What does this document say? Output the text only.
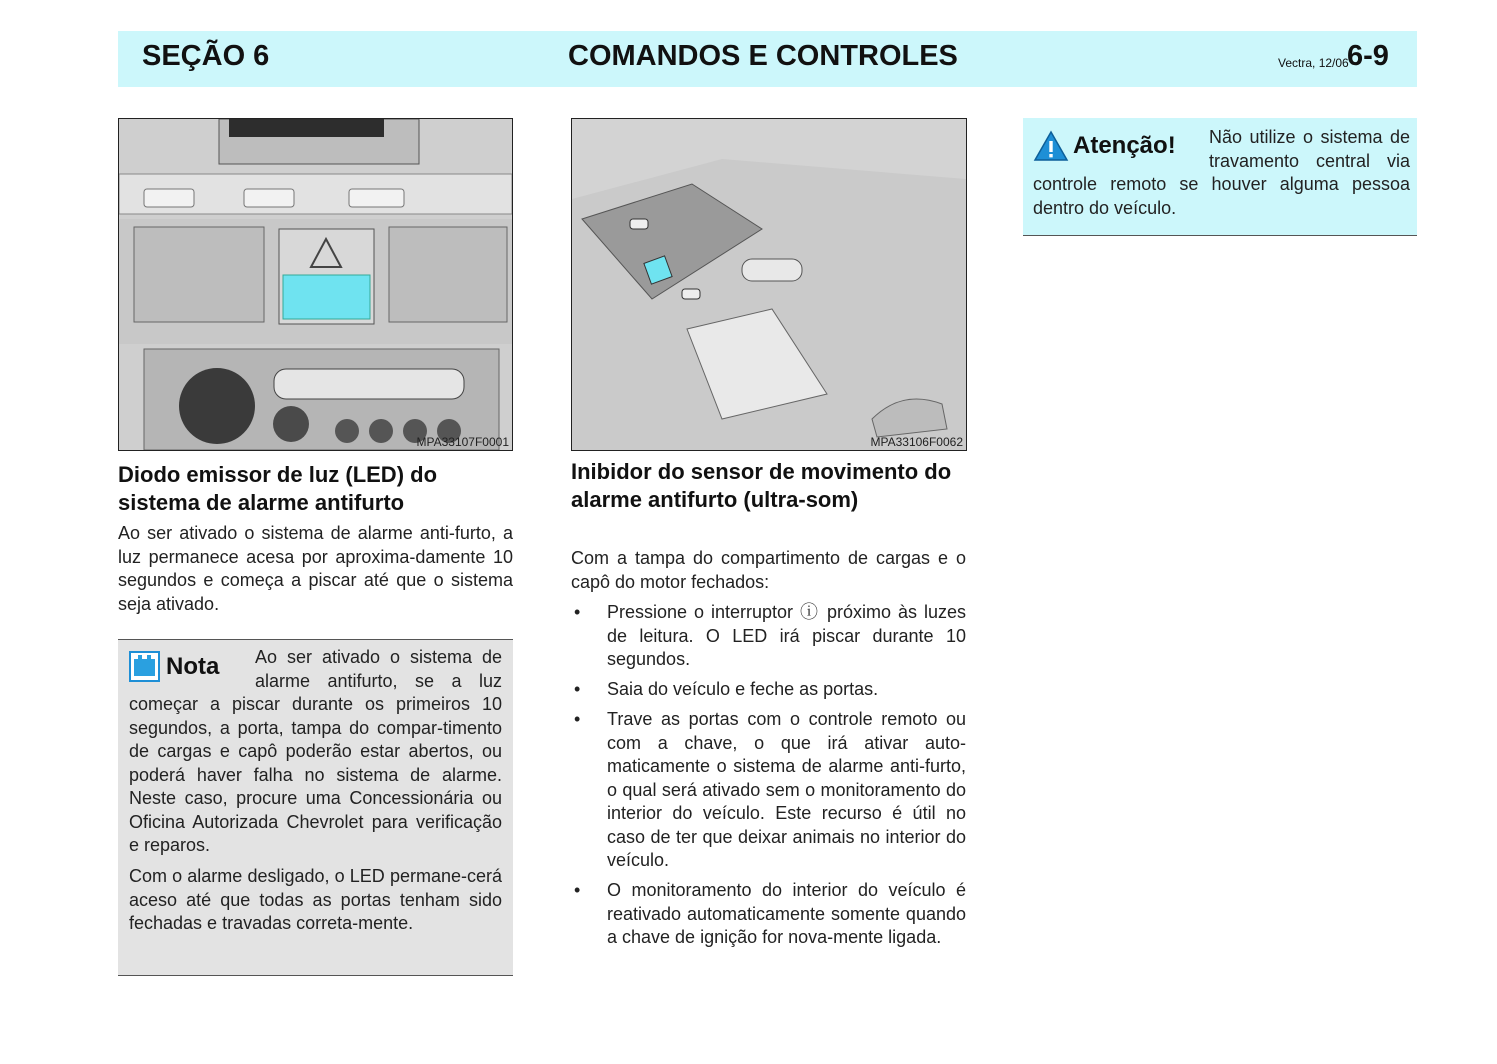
SEÇÃO 6	COMANDOS E CONTROLES	Vectra, 12/06
6-9
MPA33107F0001
Diodo emissor de luz (LED) do sistema de alarme antifurto

Ao ser ativado o sistema de alarme anti-furto, a luz permanece acesa por aproxima-damente 10 segundos e começa a piscar até que o sistema seja ativado.

Ao ser ativado o sistema de alarme antifurto, se a luz começar a piscar durante os primeiros 10 segundos, a porta, tampa do compar-timento de cargas e capô poderão estar abertos, ou poderá haver falha no sistema de alarme. Neste caso, procure uma Concessionária ou Oficina Autorizada Chevrolet para verificação e reparos.

Nota

Com o alarme desligado, o LED permane-cerá aceso até que todas as portas tenham sido fechadas e travadas correta-mente.

MPA33106F0062
Inibidor do sensor de movimento do alarme antifurto (ultra-som)

Com a tampa do compartimento de cargas e o capô do motor fechados:

• Pressione o interruptor ⓘ próximo às luzes de leitura. O LED irá piscar durante 10 segundos.
• Saia do veículo e feche as portas.
• Trave as portas com o controle remoto ou com a chave, o que irá ativar auto-maticamente o sistema de alarme anti-furto, o qual será ativado sem o monitoramento do interior do veículo. Este recurso é útil no caso de ter que deixar animais no interior do veículo.
• O monitoramento do interior do veículo é reativado automaticamente somente quando a chave de ignição for nova-mente ligada.

Não utilize o sistema de travamento central via controle remoto se houver alguma pessoa dentro do veículo.

Atenção!
